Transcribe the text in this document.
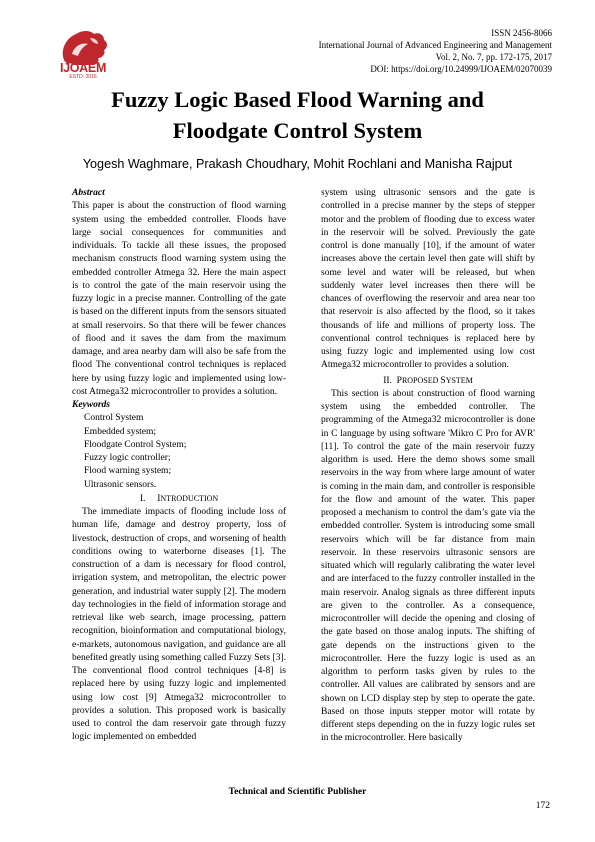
IJOAEM
ESTD: 2016
ISSN 2456-8066
International Journal of Advanced Engineering and Management
Vol. 2, No. 7, pp. 172-175, 2017
DOI: https://doi.org/10.24999/IJOAEM/02070039
Fuzzy Logic Based Flood Warning and
Floodgate Control System
Yogesh Waghmare, Prakash Choudhary, Mohit Rochlani and Manisha Rajput
Abstract

This paper is about the construction of flood warning system using the embedded controller. Floods have large social consequences for communities and individuals. To tackle all these issues, the proposed mechanism constructs flood warning system using the embedded controller Atmega 32. Here the main aspect is to control the gate of the main reservoir using the fuzzy logic in a precise manner. Controlling of the gate is based on the different inputs from the sensors situated at small reservoirs. So that there will be fewer chances of flood and it saves the dam from the maximum damage, and area nearby dam will also be safe from the flood The conventional control techniques is replaced here by using fuzzy logic and implemented using low-cost Atmega32 microcontroller to provides a solution.

Keywords
Control System
Embedded system;
Floodgate Control System;
Fuzzy logic controller;
Flood warning system;
Ultrasonic sensors.
I. INTRODUCTION

The immediate impacts of flooding include loss of human life, damage and destroy property, loss of livestock, destruction of crops, and worsening of health conditions owing to waterborne diseases [1]. The construction of a dam is necessary for flood control, irrigation system, and metropolitan, the electric power generation, and industrial water supply [2]. The modern day technologies in the field of information storage and retrieval like web search, image processing, pattern recognition, bioinformation and computational biology, e-markets, autonomous navigation, and guidance are all benefited greatly using something called Fuzzy Sets [3]. The conventional flood control techniques [4-8] is replaced here by using fuzzy logic and implemented using low cost [9] Atmega32 microcontroller to provides a solution. This proposed work is basically used to control the dam reservoir gate through fuzzy logic implemented on embedded

system using ultrasonic sensors and the gate is controlled in a precise manner by the steps of stepper motor and the problem of flooding due to excess water in the reservoir will be solved. Previously the gate control is done manually [10], if the amount of water increases above the certain level then gate will shift by some level and water will be released, but when suddenly water level increases then there will be chances of overflowing the reservoir and area near too that reservoir is also affected by the flood, so it takes thousands of life and millions of property loss. The conventional control techniques is replaced here by using fuzzy logic and implemented using low cost Atmega32 microcontroller to provides a solution.

II. PROPOSED SYSTEM

This section is about construction of flood warning system using the embedded controller. The programming of the Atmega32 microcontroller is done in C language by using software 'Mikro C Pro for AVR' [11]. To control the gate of the main reservoir fuzzy algorithm is used. Here the demo shows some small reservoirs in the way from where large amount of water is coming in the main dam, and controller is responsible for the flow and amount of the water. This paper proposed a mechanism to control the dam’s gate via the embedded controller. System is introducing some small reservoirs which will be far distance from main reservoir. In these reservoirs ultrasonic sensors are situated which will regularly calibrating the water level and are interfaced to the fuzzy controller installed in the main reservoir. Analog signals as three different inputs are given to the controller. As a consequence, microcontroller will decide the opening and closing of the gate based on those analog inputs. The shifting of gate depends on the instructions given to the microcontroller. Here the fuzzy logic is used as an algorithm to perform tasks given by rules to the controller. All values are calibrated by sensors and are shown on LCD display step by step to operate the gate. Based on those inputs stepper motor will rotate by different steps depending on the in fuzzy logic rules set in the microcontroller. Here basically

Technical and Scientific Publisher
172
